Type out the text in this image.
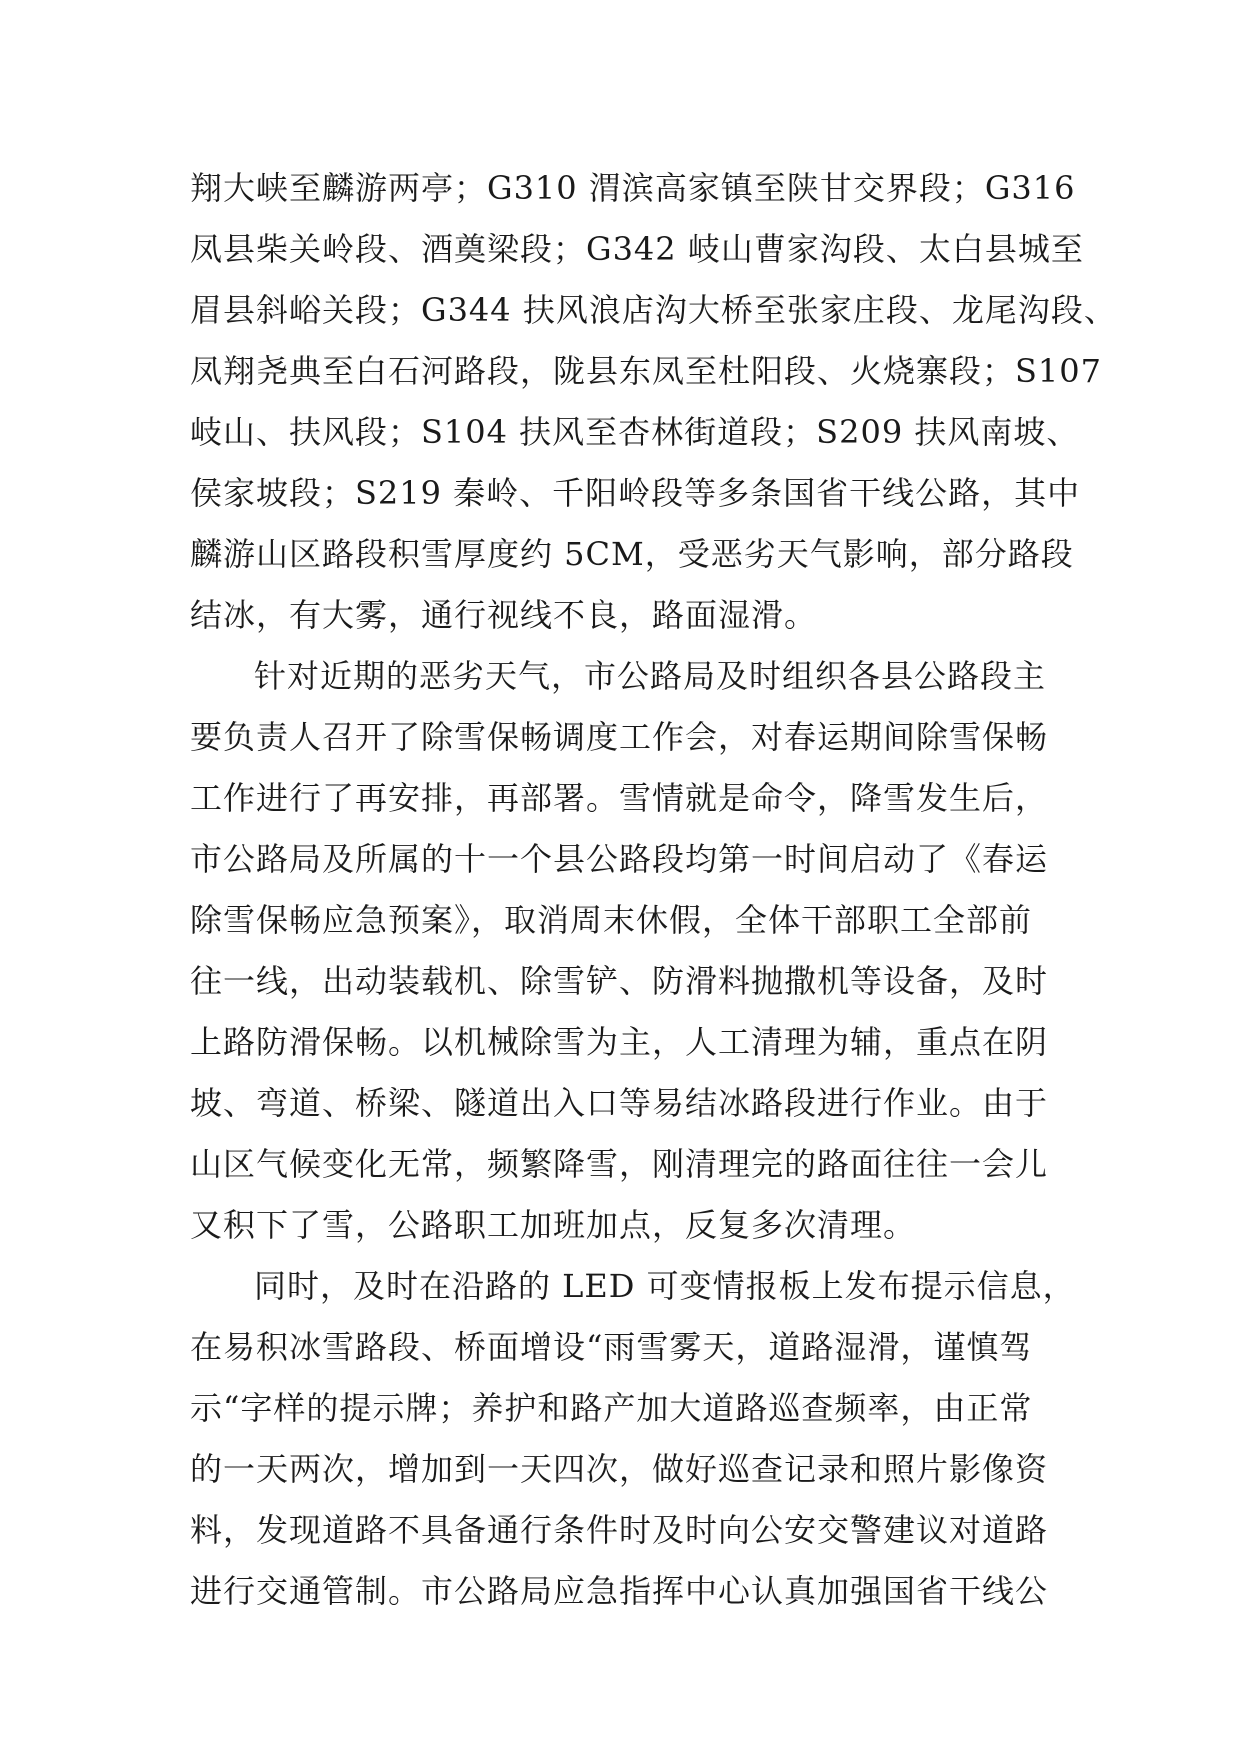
翔大峡至麟游两亭；G310 渭滨高家镇至陕甘交界段；G316
凤县柴关岭段、酒奠梁段；G342 岐山曹家沟段、太白县城至
眉县斜峪关段；G344 扶风浪店沟大桥至张家庄段、龙尾沟段、
凤翔尧典至白石河路段，陇县东凤至杜阳段、火烧寨段；S107
岐山、扶风段；S104 扶风至杏林街道段；S209 扶风南坡、
侯家坡段；S219 秦岭、千阳岭段等多条国省干线公路，其中
麟游山区路段积雪厚度约 5CM，受恶劣天气影响，部分路段
结冰，有大雾，通行视线不良，路面湿滑。
针对近期的恶劣天气，市公路局及时组织各县公路段主
要负责人召开了除雪保畅调度工作会，对春运期间除雪保畅
工作进行了再安排，再部署。雪情就是命令，降雪发生后，
市公路局及所属的十一个县公路段均第一时间启动了《春运
除雪保畅应急预案》，取消周末休假，全体干部职工全部前
往一线，出动装载机、除雪铲、防滑料抛撒机等设备，及时
上路防滑保畅。以机械除雪为主，人工清理为辅，重点在阴
坡、弯道、桥梁、隧道出入口等易结冰路段进行作业。由于
山区气候变化无常，频繁降雪，刚清理完的路面往往一会儿
又积下了雪，公路职工加班加点，反复多次清理。
同时，及时在沿路的 LED 可变情报板上发布提示信息，
在易积冰雪路段、桥面增设“雨雪雾天，道路湿滑，谨慎驾
示“字样的提示牌；养护和路产加大道路巡查频率，由正常
的一天两次，增加到一天四次，做好巡查记录和照片影像资
料，发现道路不具备通行条件时及时向公安交警建议对道路
进行交通管制。市公路局应急指挥中心认真加强国省干线公
